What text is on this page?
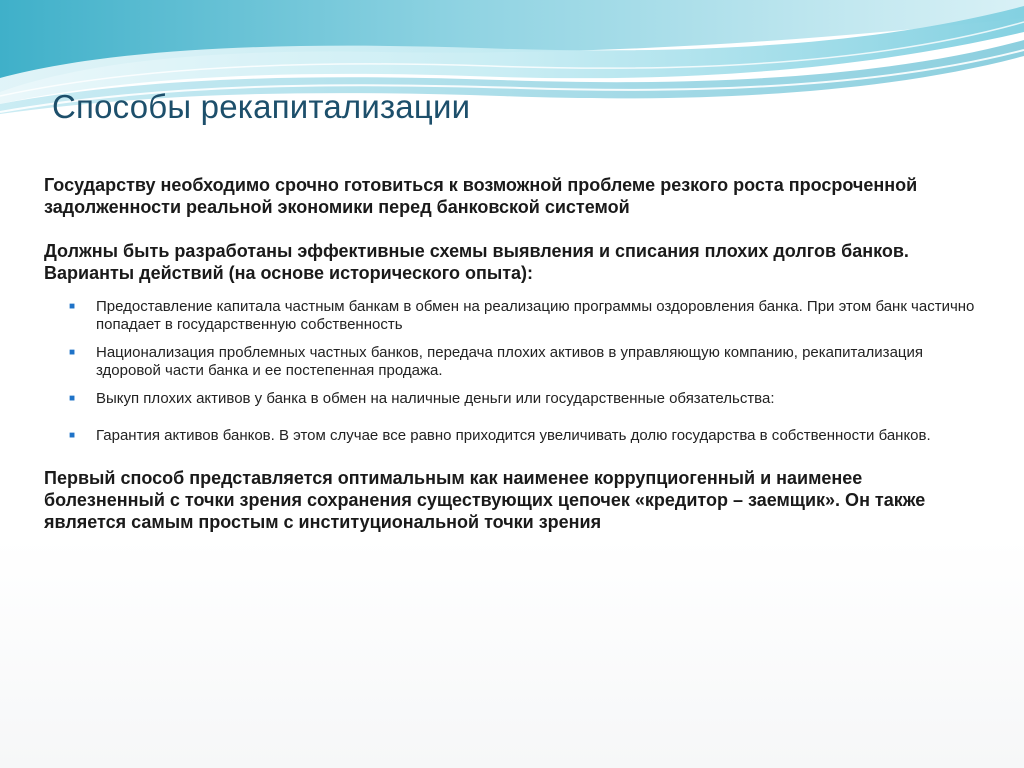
Способы рекапитализации

Государству необходимо срочно готовиться к возможной проблеме резкого роста просроченной задолженности реальной экономики перед банковской системой

Должны быть разработаны эффективные схемы выявления и списания плохих долгов банков. Варианты действий (на основе исторического опыта):

■ Предоставление капитала частным банкам в обмен на реализацию программы оздоровления банка. При этом банк частично попадает в государственную собственность
■ Национализация проблемных частных банков, передача плохих активов в управляющую компанию, рекапитализация здоровой части банка и ее постепенная продажа.
■ Выкуп плохих активов у банка в обмен на наличные деньги или государственные обязательства:
■ Гарантия активов банков. В этом случае все равно приходится увеличивать долю государства в собственности банков.

Первый способ представляется оптимальным как наименее коррупциогенный и наименее болезненный с точки зрения сохранения существующих цепочек «кредитор – заемщик». Он также является самым простым с институциональной точки зрения
